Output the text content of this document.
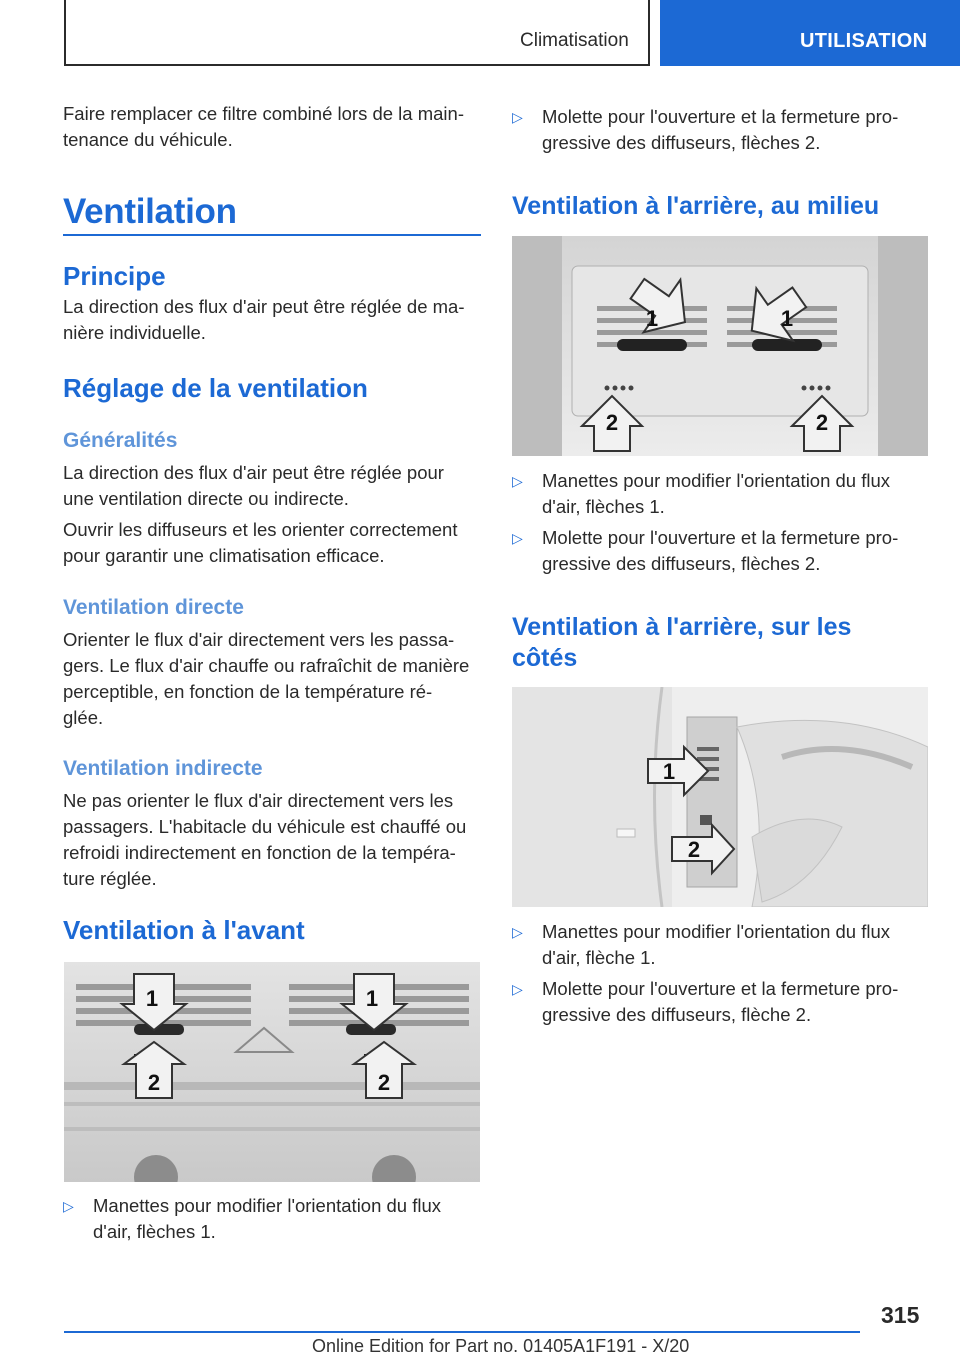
Climatisation	UTILISATION
Faire remplacer ce filtre combiné lors de la main-
tenance du véhicule.
Ventilation
Principe
La direction des flux d'air peut être réglée de ma-
nière individuelle.
Réglage de la ventilation
Généralités
La direction des flux d'air peut être réglée pour
une ventilation directe ou indirecte.
Ouvrir les diffuseurs et les orienter correctement
pour garantir une climatisation efficace.
Ventilation directe
Orienter le flux d'air directement vers les passa-
gers. Le flux d'air chauffe ou rafraîchit de manière
perceptible, en fonction de la température ré-
glée.
Ventilation indirecte
Ne pas orienter le flux d'air directement vers les
passagers. L'habitacle du véhicule est chauffé ou
refroidi indirectement en fonction de la tempéra-
ture réglée.
Ventilation à l'avant
1	1
2	2
▷ Manettes pour modifier l'orientation du flux
d'air, flèches 1.
▷ Molette pour l'ouverture et la fermeture pro-
gressive des diffuseurs, flèches 2.
Ventilation à l'arrière, au milieu
1	1
2	2
▷ Manettes pour modifier l'orientation du flux
d'air, flèches 1.
▷ Molette pour l'ouverture et la fermeture pro-
gressive des diffuseurs, flèches 2.
Ventilation à l'arrière, sur les
côtés
1
2
▷ Manettes pour modifier l'orientation du flux
d'air, flèche 1.
▷ Molette pour l'ouverture et la fermeture pro-
gressive des diffuseurs, flèche 2.
315
Online Edition for Part no. 01405A1F191 - X/20
